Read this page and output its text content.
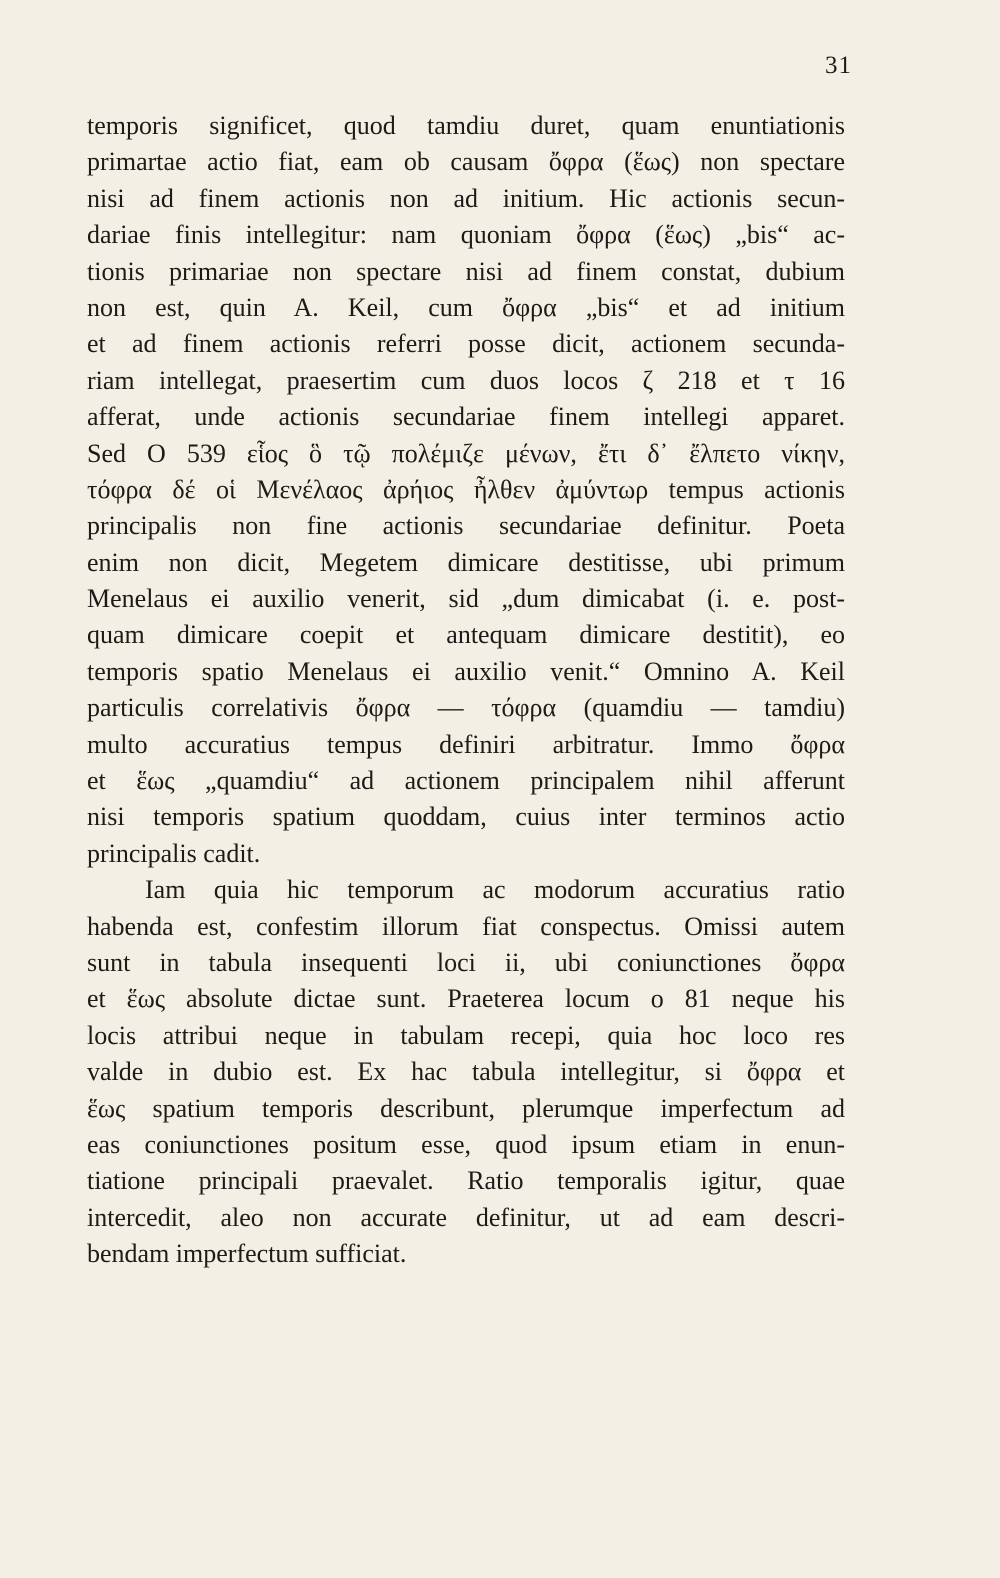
31
temporis significet, quod tamdiu duret, quam enuntiationis
primartae actio fiat, eam ob causam ὄφρα (ἕως) non spectare
nisi ad finem actionis non ad initium. Hic actionis secun-
dariae finis intellegitur: nam quoniam ὄφρα (ἕως) „bis“ ac-
tionis primariae non spectare nisi ad finem constat, dubium
non est, quin A. Keil, cum ὄφρα „bis“ et ad initium
et ad finem actionis referri posse dicit, actionem secunda-
riam intellegat, praesertim cum duos locos ζ 218 et τ 16
afferat, unde actionis secundariae finem intellegi apparet.
Sed O 539 εἷος ὃ τῷ πολέμιζε μένων, ἔτι δ᾽ ἔλπετο νίκην,
τόφρα δέ οἱ Μενέλαος ἀρήιος ἦλθεν ἀμύντωρ tempus actionis
principalis non fine actionis secundariae definitur. Poeta
enim non dicit, Megetem dimicare destitisse, ubi primum
Menelaus ei auxilio venerit, sid „dum dimicabat (i. e. post-
quam dimicare coepit et antequam dimicare destitit), eo
temporis spatio Menelaus ei auxilio venit.“ Omnino A. Keil
particulis correlativis ὄφρα — τόφρα (quamdiu — tamdiu)
multo accuratius tempus definiri arbitratur. Immo ὄφρα
et ἕως „quamdiu“ ad actionem principalem nihil afferunt
nisi temporis spatium quoddam, cuius inter terminos actio
principalis cadit.
Iam quia hic temporum ac modorum accuratius ratio
habenda est, confestim illorum fiat conspectus. Omissi autem
sunt in tabula insequenti loci ii, ubi coniunctiones ὄφρα
et ἕως absolute dictae sunt. Praeterea locum ο 81 neque his
locis attribui neque in tabulam recepi, quia hoc loco res
valde in dubio est. Ex hac tabula intellegitur, si ὄφρα et
ἕως spatium temporis describunt, plerumque imperfectum ad
eas coniunctiones positum esse, quod ipsum etiam in enun-
tiatione principali praevalet. Ratio temporalis igitur, quae
intercedit, aleo non accurate definitur, ut ad eam descri-
bendam imperfectum sufficiat.
